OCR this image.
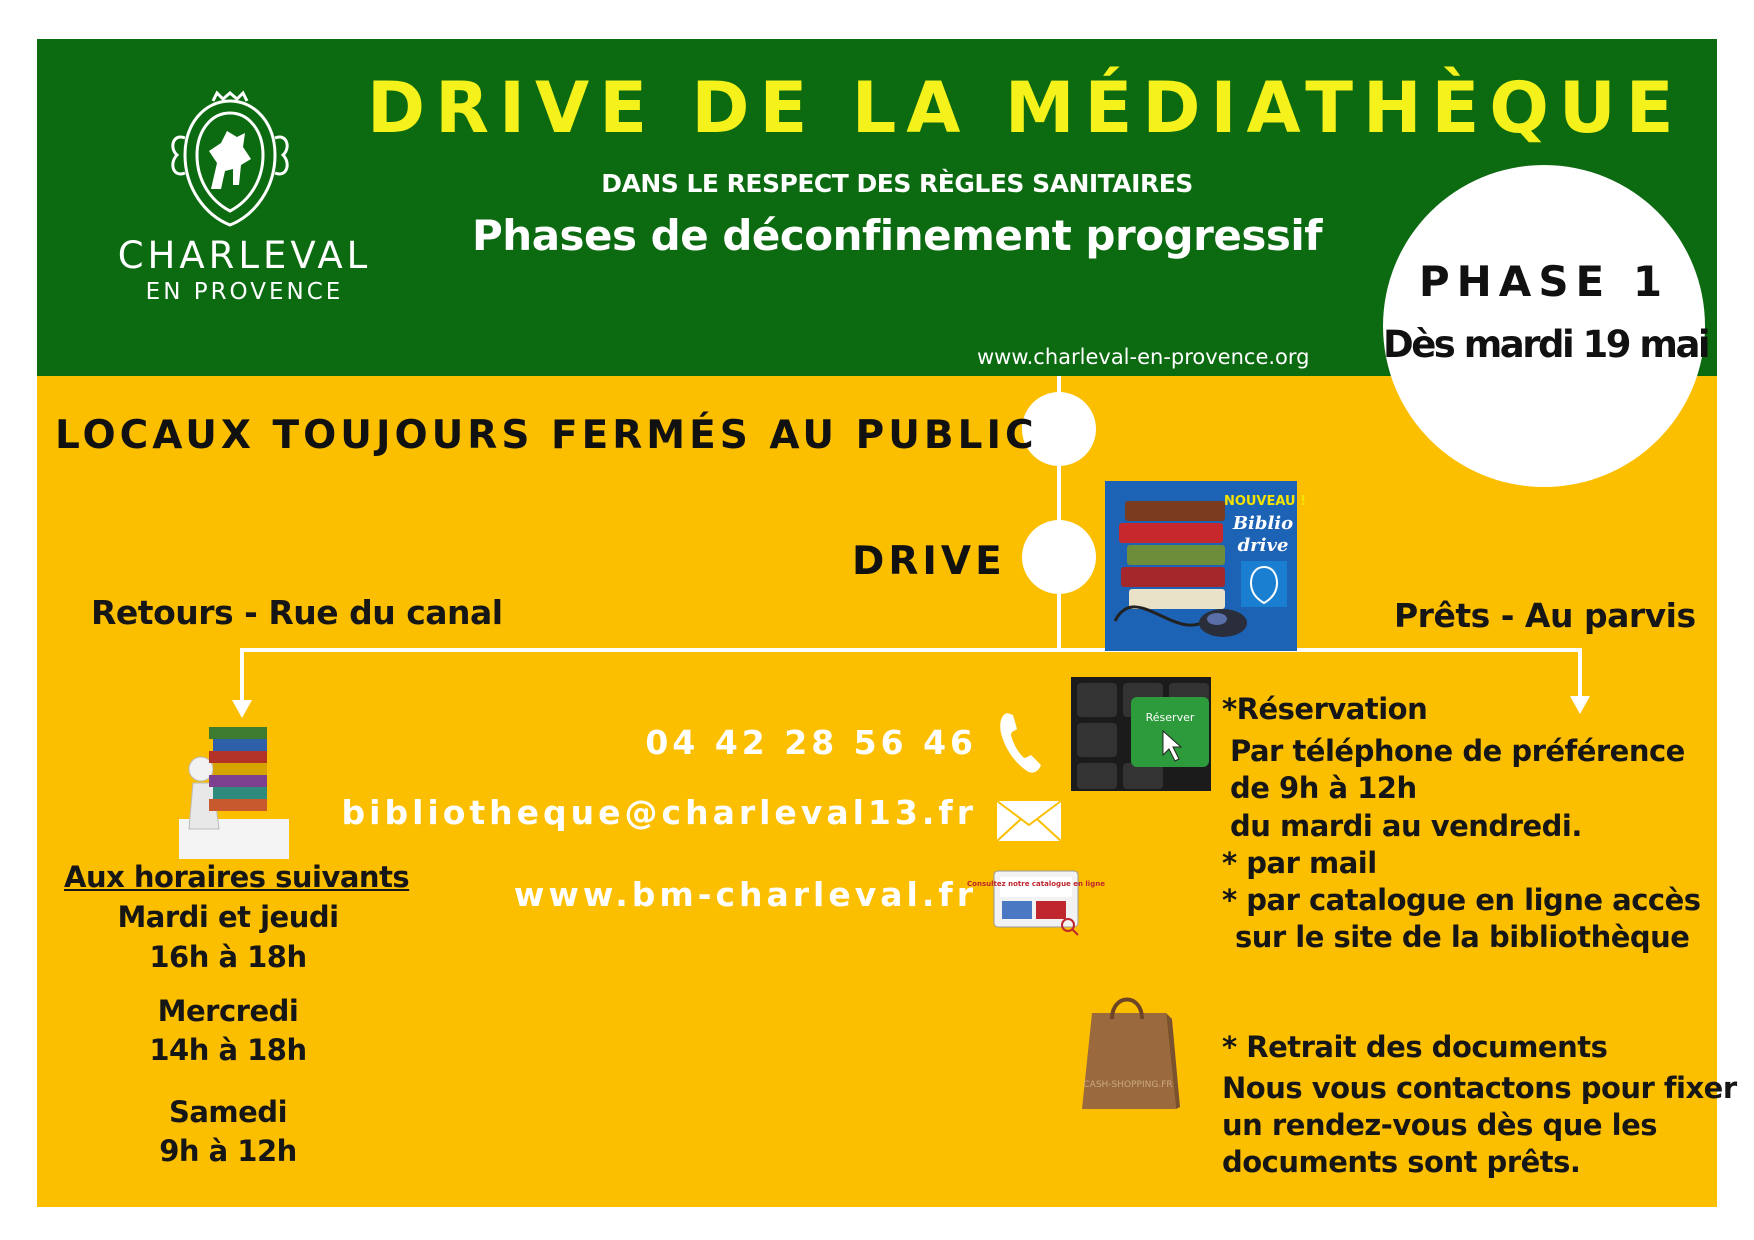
CHARLEVAL
EN PROVENCE
DRIVE DE LA MÉDIATHÈQUE
DANS LE RESPECT DES RÈGLES SANITAIRES
Phases de déconfinement progressif
www.charleval-en-provence.org
PHASE 1
Dès mardi 19 mai
LOCAUX TOUJOURS FERMÉS AU PUBLIC
DRIVE
NOUVEAU !
Biblio
drive
Retours - Rue du canal	Prêts - Au parvis
Aux horaires suivants
Mardi et jeudi
16h à 18h
Mercredi
14h à 18h
Samedi
9h à 12h
04 42 28 56 46
bibliotheque@charleval13.fr
www.bm-charleval.fr
Consultez notre catalogue en ligne
Réserver *Réservation
Par téléphone de préférence
de 9h à 12h
du mardi au vendredi.
* par mail
* par catalogue en ligne accès
sur le site de la bibliothèque
CASH-SHOPPING.FR
* Retrait des documents
Nous vous contactons pour fixer
un rendez-vous dès que les
documents sont prêts.
